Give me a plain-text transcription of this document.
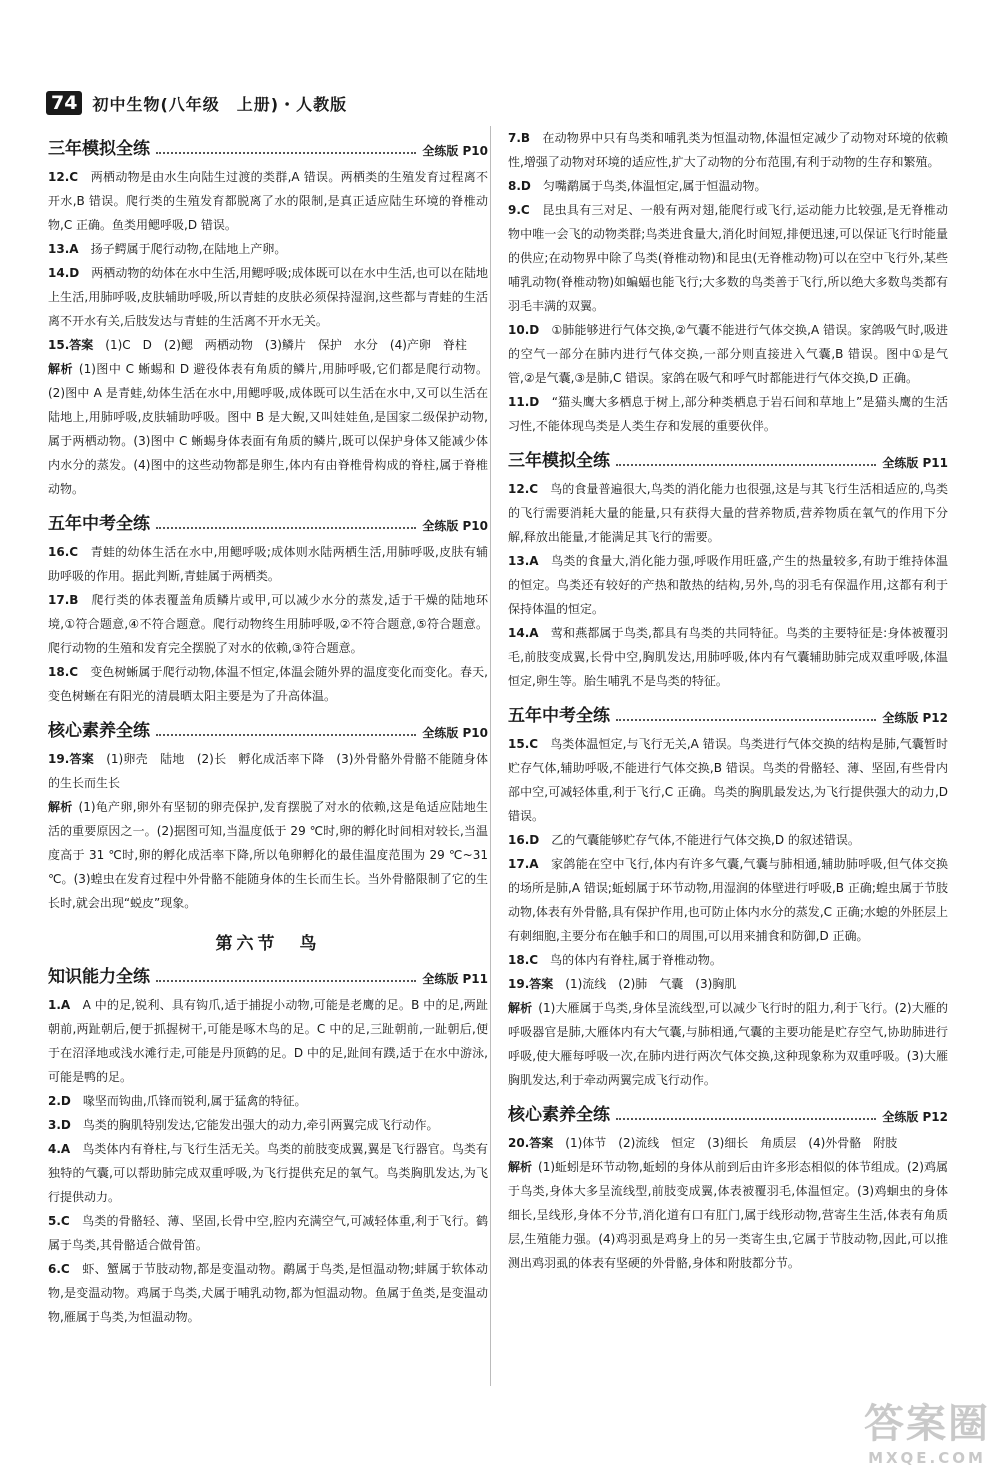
74 初中生物(八年级　上册)・人教版
三年模拟全练	全练版 P10

12.C　 两栖动物是由水生向陆生过渡的类群,A 错误。两栖类的生殖发育过程离不开水,B 错误。爬行类的生殖发育都脱离了水的限制,是真正适应陆生环境的脊椎动物,C 正确。鱼类用鳃呼吸,D 错误。

13.A　 扬子鳄属于爬行动物,在陆地上产卵。

14.D　 两栖动物的幼体在水中生活,用鳃呼吸;成体既可以在水中生活,也可以在陆地上生活,用肺呼吸,皮肤辅助呼吸,所以青蛙的皮肤必须保持湿润,这些都与青蛙的生活离不开水有关,后肢发达与青蛙的生活离不开水无关。

15.答案　 (1)C　D　(2)鳃　两栖动物　(3)鳞片　保护　水分　(4)产卵　脊柱

解析 (1)图中 C 蜥蜴和 D 避役体表有角质的鳞片,用肺呼吸,它们都是爬行动物。(2)图中 A 是青蛙,幼体生活在水中,用鳃呼吸,成体既可以生活在水中,又可以生活在陆地上,用肺呼吸,皮肤辅助呼吸。图中 B 是大鲵,又叫娃娃鱼,是国家二级保护动物,属于两栖动物。(3)图中 C 蜥蜴身体表面有角质的鳞片,既可以保护身体又能减少体内水分的蒸发。(4)图中的这些动物都是卵生,体内有由脊椎骨构成的脊柱,属于脊椎动物。

五年中考全练	全练版 P10

16.C　 青蛙的幼体生活在水中,用鳃呼吸;成体则水陆两栖生活,用肺呼吸,皮肤有辅助呼吸的作用。据此判断,青蛙属于两栖类。

17.B　 爬行类的体表覆盖角质鳞片或甲,可以减少水分的蒸发,适于干燥的陆地环境,①符合题意,④不符合题意。爬行动物终生用肺呼吸,②不符合题意,⑤符合题意。爬行动物的生殖和发育完全摆脱了对水的依赖,③符合题意。

18.C　 变色树蜥属于爬行动物,体温不恒定,体温会随外界的温度变化而变化。春天,变色树蜥在有阳光的清晨晒太阳主要是为了升高体温。

核心素养全练	全练版 P10

19.答案　 (1)卵壳　陆地　(2)长　孵化成活率下降　(3)外骨骼外骨骼不能随身体的生长而生长

解析 (1)龟产卵,卵外有坚韧的卵壳保护,发育摆脱了对水的依赖,这是龟适应陆地生活的重要原因之一。(2)据图可知,当温度低于 29 ℃时,卵的孵化时间相对较长,当温度高于 31 ℃时,卵的孵化成活率下降,所以龟卵孵化的最佳温度范围为 29 ℃~31 ℃。(3)蝗虫在发育过程中外骨骼不能随身体的生长而生长。当外骨骼限制了它的生长时,就会出现“蜕皮”现象。

第六节　鸟
知识能力全练	全练版 P11

1.A　 A 中的足,锐利、具有钩爪,适于捕捉小动物,可能是老鹰的足。B 中的足,两趾朝前,两趾朝后,便于抓握树干,可能是啄木鸟的足。C 中的足,三趾朝前,一趾朝后,便于在沼泽地或浅水滩行走,可能是丹顶鹤的足。D 中的足,趾间有蹼,适于在水中游泳,可能是鸭的足。

2.D　 喙坚而钩曲,爪锋而锐利,属于猛禽的特征。

3.D　 鸟类的胸肌特别发达,它能发出强大的动力,牵引两翼完成飞行动作。

4.A　 鸟类体内有脊柱,与飞行生活无关。鸟类的前肢变成翼,翼是飞行器官。鸟类有独特的气囊,可以帮助肺完成双重呼吸,为飞行提供充足的氧气。鸟类胸肌发达,为飞行提供动力。

5.C　 鸟类的骨骼轻、薄、坚固,长骨中空,腔内充满空气,可减轻体重,利于飞行。鹤属于鸟类,其骨骼适合做骨笛。

6.C　 虾、蟹属于节肢动物,都是变温动物。鹬属于鸟类,是恒温动物;蚌属于软体动物,是变温动物。鸡属于鸟类,犬属于哺乳动物,都为恒温动物。鱼属于鱼类,是变温动物,雁属于鸟类,为恒温动物。

7.B　 在动物界中只有鸟类和哺乳类为恒温动物,体温恒定减少了动物对环境的依赖性,增强了动物对环境的适应性,扩大了动物的分布范围,有利于动物的生存和繁殖。

8.D　 匀嘴鹬属于鸟类,体温恒定,属于恒温动物。

9.C　 昆虫具有三对足、一般有两对翅,能爬行或飞行,运动能力比较强,是无脊椎动物中唯一会飞的动物类群;鸟类进食量大,消化时间短,排便迅速,可以保证飞行时能量的供应;在动物界中除了鸟类(脊椎动物)和昆虫(无脊椎动物)可以在空中飞行外,某些哺乳动物(脊椎动物)如蝙蝠也能飞行;大多数的鸟类善于飞行,所以绝大多数鸟类都有羽毛丰满的双翼。

10.D　 ①肺能够进行气体交换,②气囊不能进行气体交换,A 错误。家鸽吸气时,吸进的空气一部分在肺内进行气体交换,一部分则直接进入气囊,B 错误。图中①是气管,②是气囊,③是肺,C 错误。家鸽在吸气和呼气时都能进行气体交换,D 正确。

11.D　 “猫头鹰大多栖息于树上,部分种类栖息于岩石间和草地上”是猫头鹰的生活习性,不能体现鸟类是人类生存和发展的重要伙伴。

三年模拟全练	全练版 P11

12.C　 鸟的食量普遍很大,鸟类的消化能力也很强,这是与其飞行生活相适应的,鸟类的飞行需要消耗大量的能量,只有获得大量的营养物质,营养物质在氧气的作用下分解,释放出能量,才能满足其飞行的需要。

13.A　 鸟类的食量大,消化能力强,呼吸作用旺盛,产生的热量较多,有助于维持体温的恒定。鸟类还有较好的产热和散热的结构,另外,鸟的羽毛有保温作用,这都有利于保持体温的恒定。

14.A　 莺和燕都属于鸟类,都具有鸟类的共同特征。鸟类的主要特征是:身体被覆羽毛,前肢变成翼,长骨中空,胸肌发达,用肺呼吸,体内有气囊辅助肺完成双重呼吸,体温恒定,卵生等。胎生哺乳不是鸟类的特征。

五年中考全练	全练版 P12

15.C　 鸟类体温恒定,与飞行无关,A 错误。鸟类进行气体交换的结构是肺,气囊暂时贮存气体,辅助呼吸,不能进行气体交换,B 错误。鸟类的骨骼轻、薄、坚固,有些骨内部中空,可减轻体重,利于飞行,C 正确。鸟类的胸肌最发达,为飞行提供强大的动力,D 错误。

16.D　 乙的气囊能够贮存气体,不能进行气体交换,D 的叙述错误。

17.A　 家鸽能在空中飞行,体内有许多气囊,气囊与肺相通,辅助肺呼吸,但气体交换的场所是肺,A 错误;蚯蚓属于环节动物,用湿润的体壁进行呼吸,B 正确;蝗虫属于节肢动物,体表有外骨骼,具有保护作用,也可防止体内水分的蒸发,C 正确;水螅的外胚层上有刺细胞,主要分布在触手和口的周围,可以用来捕食和防御,D 正确。

18.C　 鸟的体内有脊柱,属于脊椎动物。

19.答案　 (1)流线　(2)肺　气囊　(3)胸肌

解析 (1)大雁属于鸟类,身体呈流线型,可以减少飞行时的阻力,利于飞行。(2)大雁的呼吸器官是肺,大雁体内有大气囊,与肺相通,气囊的主要功能是贮存空气,协助肺进行呼吸,使大雁每呼吸一次,在肺内进行两次气体交换,这种现象称为双重呼吸。(3)大雁胸肌发达,利于牵动两翼完成飞行动作。

核心素养全练	全练版 P12

20.答案　 (1)体节　(2)流线　恒定　(3)细长　角质层　(4)外骨骼　附肢

解析 (1)蚯蚓是环节动物,蚯蚓的身体从前到后由许多形态相似的体节组成。(2)鸡属于鸟类,身体大多呈流线型,前肢变成翼,体表被覆羽毛,体温恒定。(3)鸡蛔虫的身体细长,呈线形,身体不分节,消化道有口有肛门,属于线形动物,营寄生生活,体表有角质层,生殖能力强。(4)鸡羽虱是鸡身上的另一类寄生虫,它属于节肢动物,因此,可以推测出鸡羽虱的体表有坚硬的外骨骼,身体和附肢都分节。

答案圈
MXQE.COM
